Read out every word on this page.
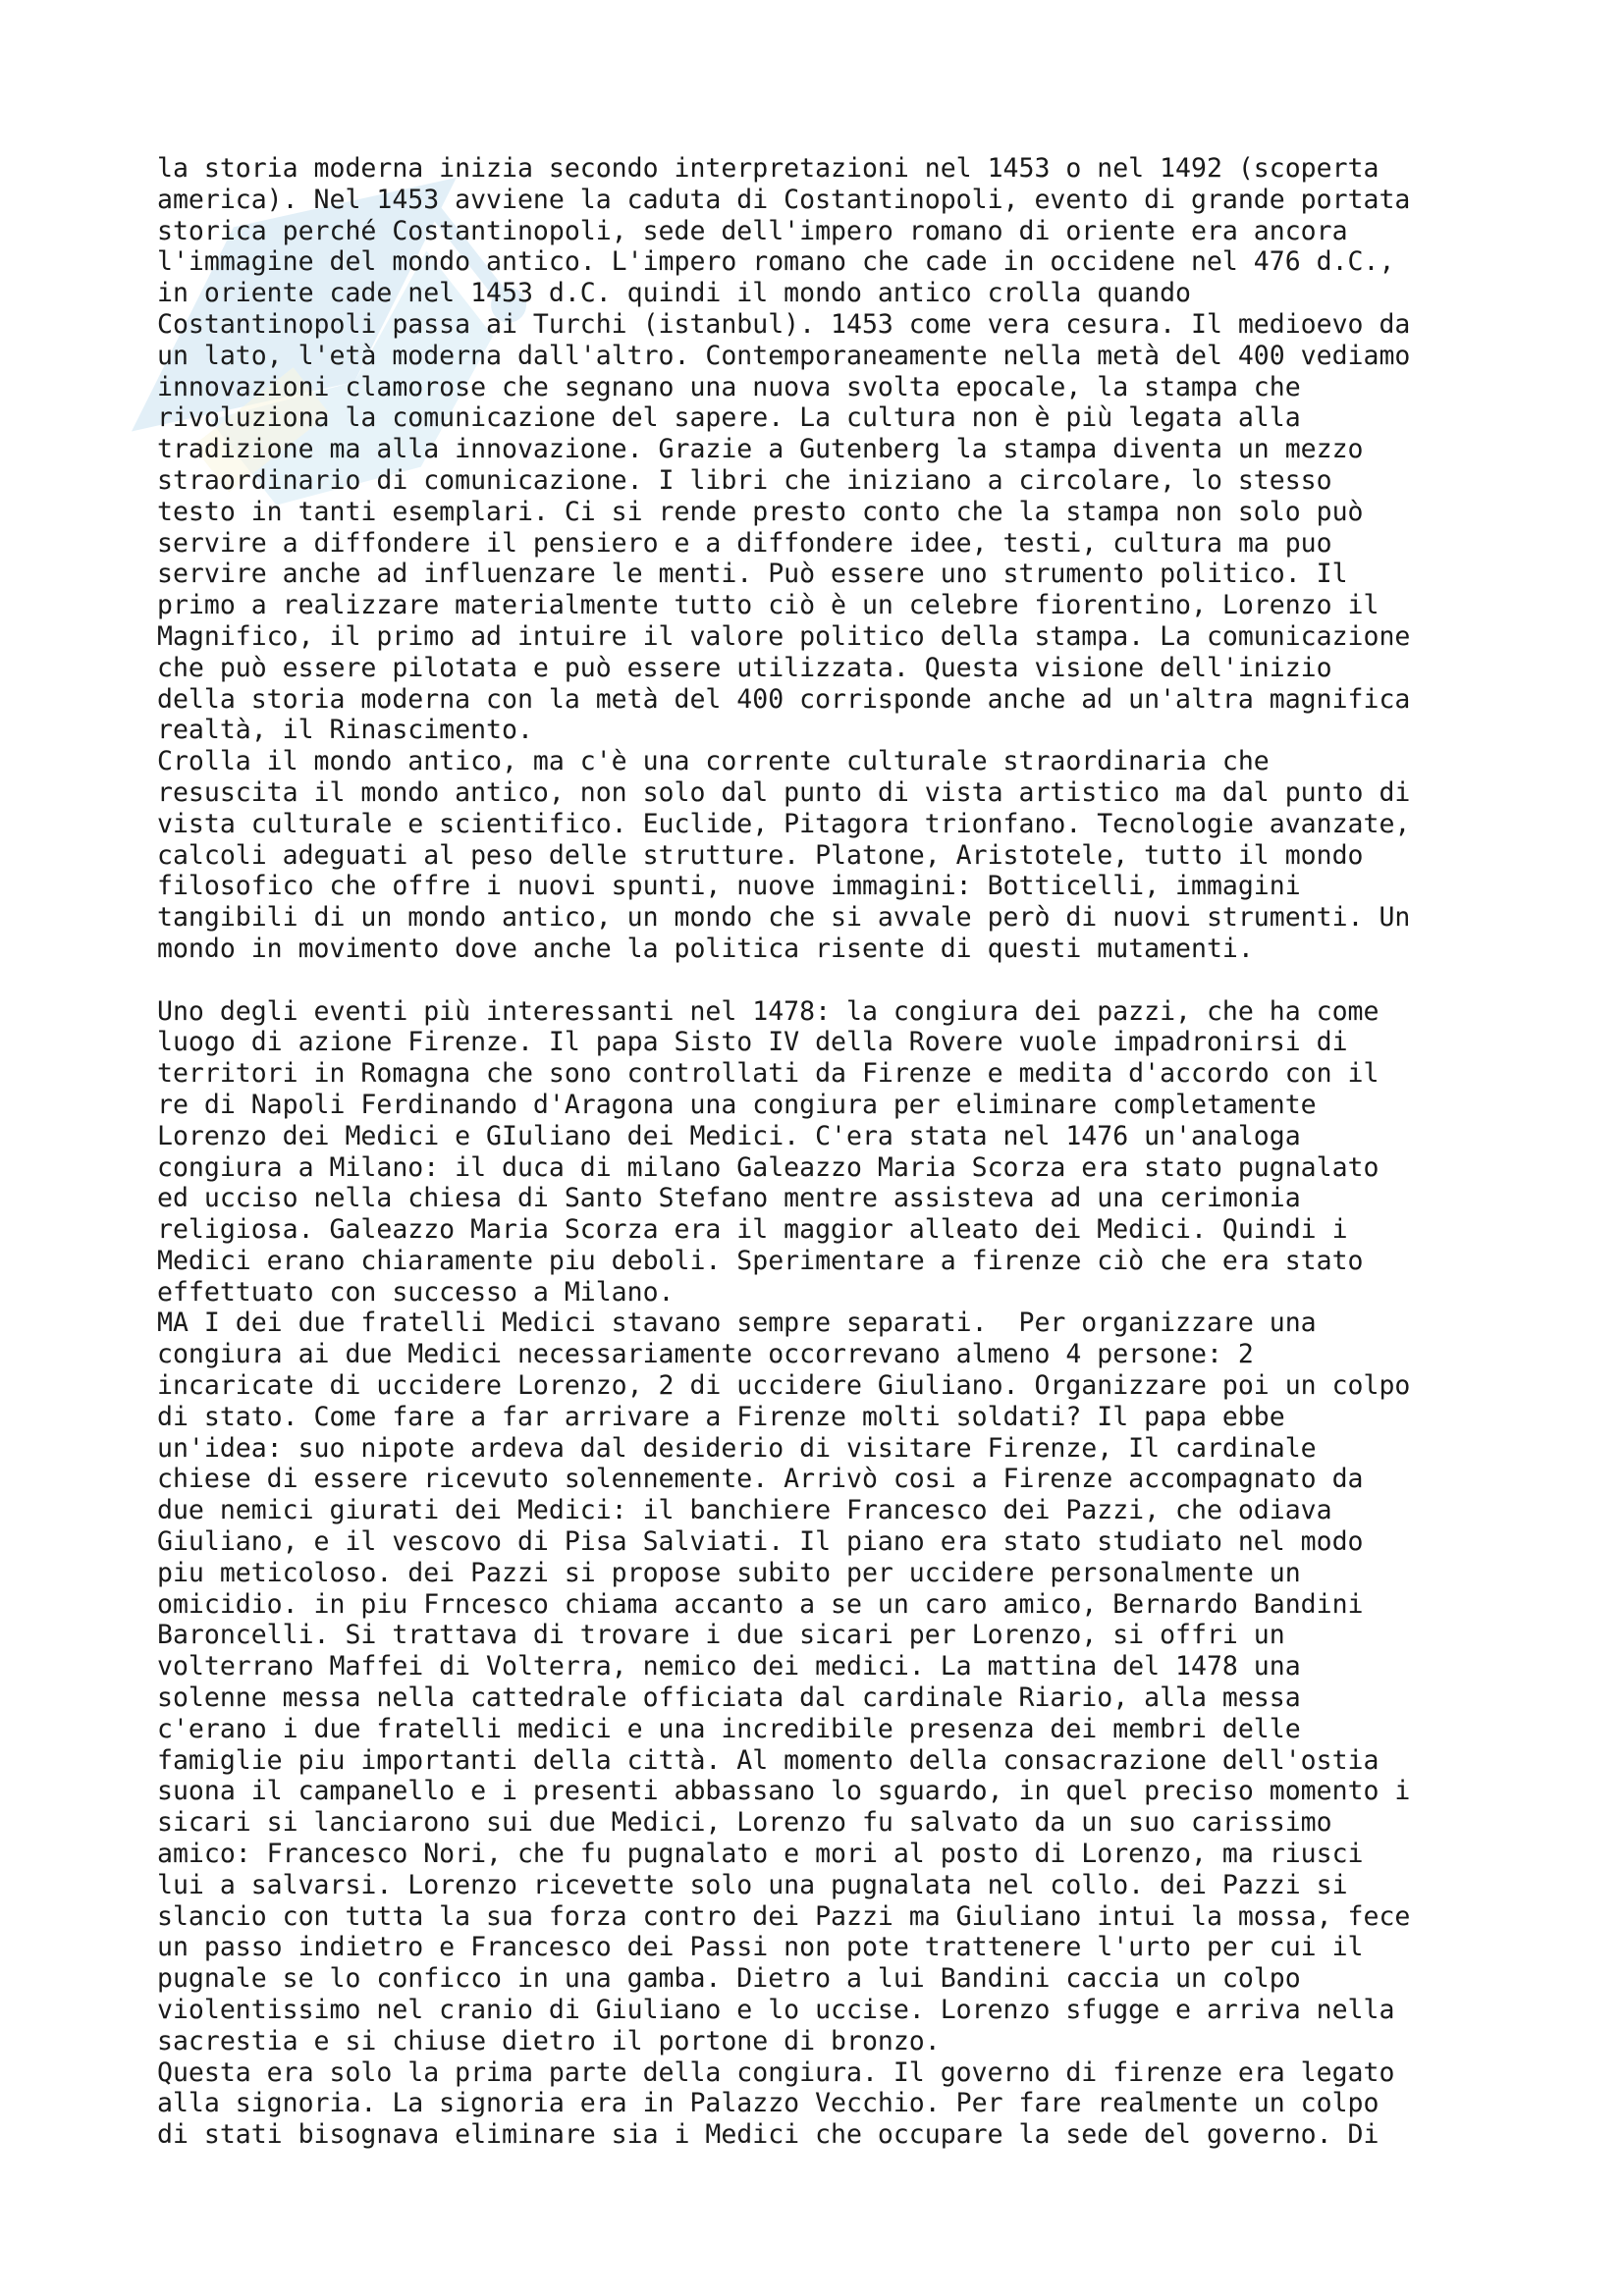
la storia moderna inizia secondo interpretazioni nel 1453 o nel 1492 (scoperta
america). Nel 1453 avviene la caduta di Costantinopoli, evento di grande portata
storica perché Costantinopoli, sede dell'impero romano di oriente era ancora
l'immagine del mondo antico. L'impero romano che cade in occidene nel 476 d.C.,
in oriente cade nel 1453 d.C. quindi il mondo antico crolla quando
Costantinopoli passa ai Turchi (istanbul). 1453 come vera cesura. Il medioevo da
un lato, l'età moderna dall'altro. Contemporaneamente nella metà del 400 vediamo
innovazioni clamorose che segnano una nuova svolta epocale, la stampa che
rivoluziona la comunicazione del sapere. La cultura non è più legata alla
tradizione ma alla innovazione. Grazie a Gutenberg la stampa diventa un mezzo
straordinario di comunicazione. I libri che iniziano a circolare, lo stesso
testo in tanti esemplari. Ci si rende presto conto che la stampa non solo può
servire a diffondere il pensiero e a diffondere idee, testi, cultura ma puo
servire anche ad influenzare le menti. Può essere uno strumento politico. Il
primo a realizzare materialmente tutto ciò è un celebre fiorentino, Lorenzo il
Magnifico, il primo ad intuire il valore politico della stampa. La comunicazione
che può essere pilotata e può essere utilizzata. Questa visione dell'inizio
della storia moderna con la metà del 400 corrisponde anche ad un'altra magnifica
realtà, il Rinascimento.
Crolla il mondo antico, ma c'è una corrente culturale straordinaria che
resuscita il mondo antico, non solo dal punto di vista artistico ma dal punto di
vista culturale e scientifico. Euclide, Pitagora trionfano. Tecnologie avanzate,
calcoli adeguati al peso delle strutture. Platone, Aristotele, tutto il mondo
filosofico che offre i nuovi spunti, nuove immagini: Botticelli, immagini
tangibili di un mondo antico, un mondo che si avvale però di nuovi strumenti. Un
mondo in movimento dove anche la politica risente di questi mutamenti.
Uno degli eventi più interessanti nel 1478: la congiura dei pazzi, che ha come
luogo di azione Firenze. Il papa Sisto IV della Rovere vuole impadronirsi di
territori in Romagna che sono controllati da Firenze e medita d'accordo con il
re di Napoli Ferdinando d'Aragona una congiura per eliminare completamente
Lorenzo dei Medici e GIuliano dei Medici. C'era stata nel 1476 un'analoga
congiura a Milano: il duca di milano Galeazzo Maria Scorza era stato pugnalato
ed ucciso nella chiesa di Santo Stefano mentre assisteva ad una cerimonia
religiosa. Galeazzo Maria Scorza era il maggior alleato dei Medici. Quindi i
Medici erano chiaramente piu deboli. Sperimentare a firenze ciò che era stato
effettuato con successo a Milano.
MA I dei due fratelli Medici stavano sempre separati.  Per organizzare una
congiura ai due Medici necessariamente occorrevano almeno 4 persone: 2
incaricate di uccidere Lorenzo, 2 di uccidere Giuliano. Organizzare poi un colpo
di stato. Come fare a far arrivare a Firenze molti soldati? Il papa ebbe
un'idea: suo nipote ardeva dal desiderio di visitare Firenze, Il cardinale
chiese di essere ricevuto solennemente. Arrivò cosi a Firenze accompagnato da
due nemici giurati dei Medici: il banchiere Francesco dei Pazzi, che odiava
Giuliano, e il vescovo di Pisa Salviati. Il piano era stato studiato nel modo
piu meticoloso. dei Pazzi si propose subito per uccidere personalmente un
omicidio. in piu Frncesco chiama accanto a se un caro amico, Bernardo Bandini
Baroncelli. Si trattava di trovare i due sicari per Lorenzo, si offri un
volterrano Maffei di Volterra, nemico dei medici. La mattina del 1478 una
solenne messa nella cattedrale officiata dal cardinale Riario, alla messa
c'erano i due fratelli medici e una incredibile presenza dei membri delle
famiglie piu importanti della città. Al momento della consacrazione dell'ostia
suona il campanello e i presenti abbassano lo sguardo, in quel preciso momento i
sicari si lanciarono sui due Medici, Lorenzo fu salvato da un suo carissimo
amico: Francesco Nori, che fu pugnalato e mori al posto di Lorenzo, ma riusci
lui a salvarsi. Lorenzo ricevette solo una pugnalata nel collo. dei Pazzi si
slancio con tutta la sua forza contro dei Pazzi ma Giuliano intui la mossa, fece
un passo indietro e Francesco dei Passi non pote trattenere l'urto per cui il
pugnale se lo conficco in una gamba. Dietro a lui Bandini caccia un colpo
violentissimo nel cranio di Giuliano e lo uccise. Lorenzo sfugge e arriva nella
sacrestia e si chiuse dietro il portone di bronzo.
Questa era solo la prima parte della congiura. Il governo di firenze era legato
alla signoria. La signoria era in Palazzo Vecchio. Per fare realmente un colpo
di stati bisognava eliminare sia i Medici che occupare la sede del governo. Di
